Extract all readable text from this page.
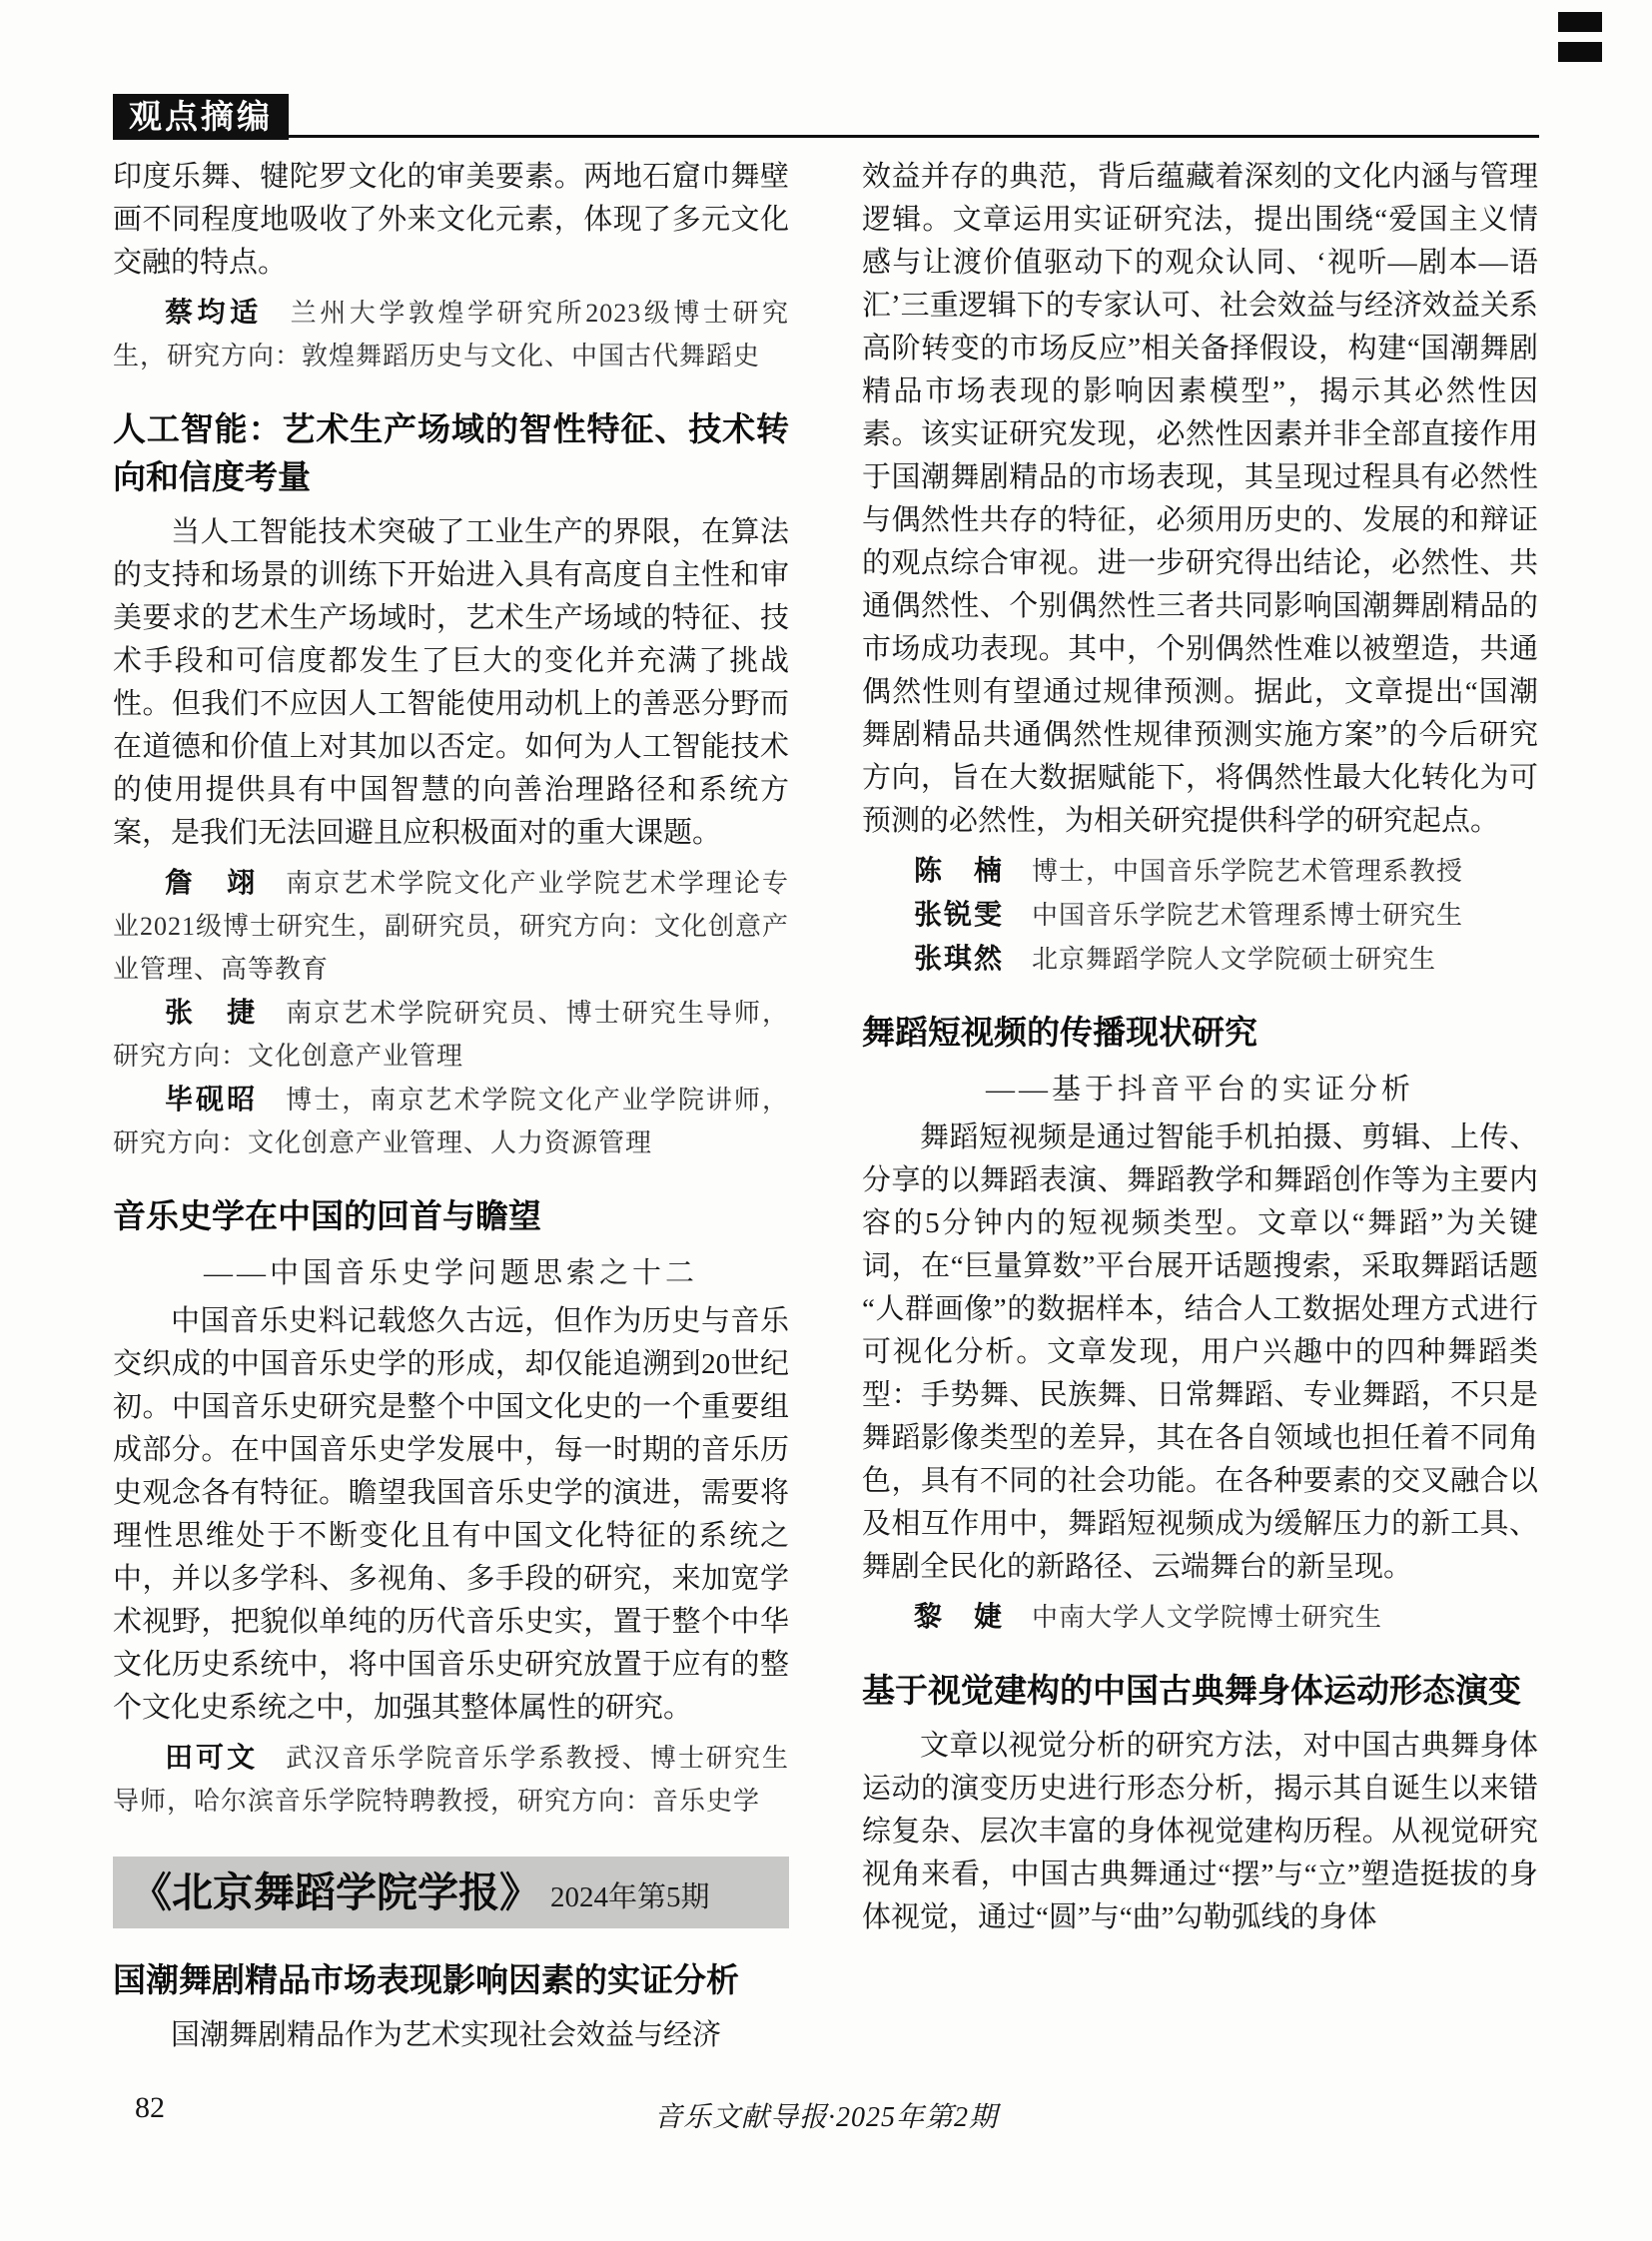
观点摘编

印度乐舞、犍陀罗文化的审美要素。两地石窟巾舞壁画不同程度地吸收了外来文化元素，体现了多元文化交融的特点。

蔡均适 兰州大学敦煌学研究所2023级博士研究生，研究方向：敦煌舞蹈历史与文化、中国古代舞蹈史

人工智能：艺术生产场域的智性特征、技术转向和信度考量

当人工智能技术突破了工业生产的界限，在算法的支持和场景的训练下开始进入具有高度自主性和审美要求的艺术生产场域时，艺术生产场域的特征、技术手段和可信度都发生了巨大的变化并充满了挑战性。但我们不应因人工智能使用动机上的善恶分野而在道德和价值上对其加以否定。如何为人工智能技术的使用提供具有中国智慧的向善治理路径和系统方案，是我们无法回避且应积极面对的重大课题。

詹　翊 南京艺术学院文化产业学院艺术学理论专业2021级博士研究生，副研究员，研究方向：文化创意产业管理、高等教育

张　捷 南京艺术学院研究员、博士研究生导师，研究方向：文化创意产业管理

毕砚昭 博士，南京艺术学院文化产业学院讲师，研究方向：文化创意产业管理、人力资源管理

音乐史学在中国的回首与瞻望

——中国音乐史学问题思索之十二

中国音乐史料记载悠久古远，但作为历史与音乐交织成的中国音乐史学的形成，却仅能追溯到20世纪初。中国音乐史研究是整个中国文化史的一个重要组成部分。在中国音乐史学发展中，每一时期的音乐历史观念各有特征。瞻望我国音乐史学的演进，需要将理性思维处于不断变化且有中国文化特征的系统之中，并以多学科、多视角、多手段的研究，来加宽学术视野，把貌似单纯的历代音乐史实，置于整个中华文化历史系统中，将中国音乐史研究放置于应有的整个文化史系统之中，加强其整体属性的研究。

田可文 武汉音乐学院音乐学系教授、博士研究生导师，哈尔滨音乐学院特聘教授，研究方向：音乐史学

《北京舞蹈学院学报》 2024年第5期
国潮舞剧精品市场表现影响因素的实证分析

国潮舞剧精品作为艺术实现社会效益与经济

效益并存的典范，背后蕴藏着深刻的文化内涵与管理逻辑。文章运用实证研究法，提出围绕“爱国主义情感与让渡价值驱动下的观众认同、‘视听—剧本—语汇’三重逻辑下的专家认可、社会效益与经济效益关系高阶转变的市场反应”相关备择假设，构建“国潮舞剧精品市场表现的影响因素模型”，揭示其必然性因素。该实证研究发现，必然性因素并非全部直接作用于国潮舞剧精品的市场表现，其呈现过程具有必然性与偶然性共存的特征，必须用历史的、发展的和辩证的观点综合审视。进一步研究得出结论，必然性、共通偶然性、个别偶然性三者共同影响国潮舞剧精品的市场成功表现。其中，个别偶然性难以被塑造，共通偶然性则有望通过规律预测。据此，文章提出“国潮舞剧精品共通偶然性规律预测实施方案”的今后研究方向，旨在大数据赋能下，将偶然性最大化转化为可预测的必然性，为相关研究提供科学的研究起点。

陈　楠 博士，中国音乐学院艺术管理系教授

张锐雯 中国音乐学院艺术管理系博士研究生

张琪然 北京舞蹈学院人文学院硕士研究生

舞蹈短视频的传播现状研究

——基于抖音平台的实证分析

舞蹈短视频是通过智能手机拍摄、剪辑、上传、分享的以舞蹈表演、舞蹈教学和舞蹈创作等为主要内容的5分钟内的短视频类型。文章以“舞蹈”为关键词，在“巨量算数”平台展开话题搜索，采取舞蹈话题“人群画像”的数据样本，结合人工数据处理方式进行可视化分析。文章发现，用户兴趣中的四种舞蹈类型：手势舞、民族舞、日常舞蹈、专业舞蹈，不只是舞蹈影像类型的差异，其在各自领域也担任着不同角色，具有不同的社会功能。在各种要素的交叉融合以及相互作用中，舞蹈短视频成为缓解压力的新工具、舞剧全民化的新路径、云端舞台的新呈现。

黎　婕 中南大学人文学院博士研究生

基于视觉建构的中国古典舞身体运动形态演变

文章以视觉分析的研究方法，对中国古典舞身体运动的演变历史进行形态分析，揭示其自诞生以来错综复杂、层次丰富的身体视觉建构历程。从视觉研究视角来看，中国古典舞通过“摆”与“立”塑造挺拔的身体视觉，通过“圆”与“曲”勾勒弧线的身体

82	音乐文献导报·2025年第2期
